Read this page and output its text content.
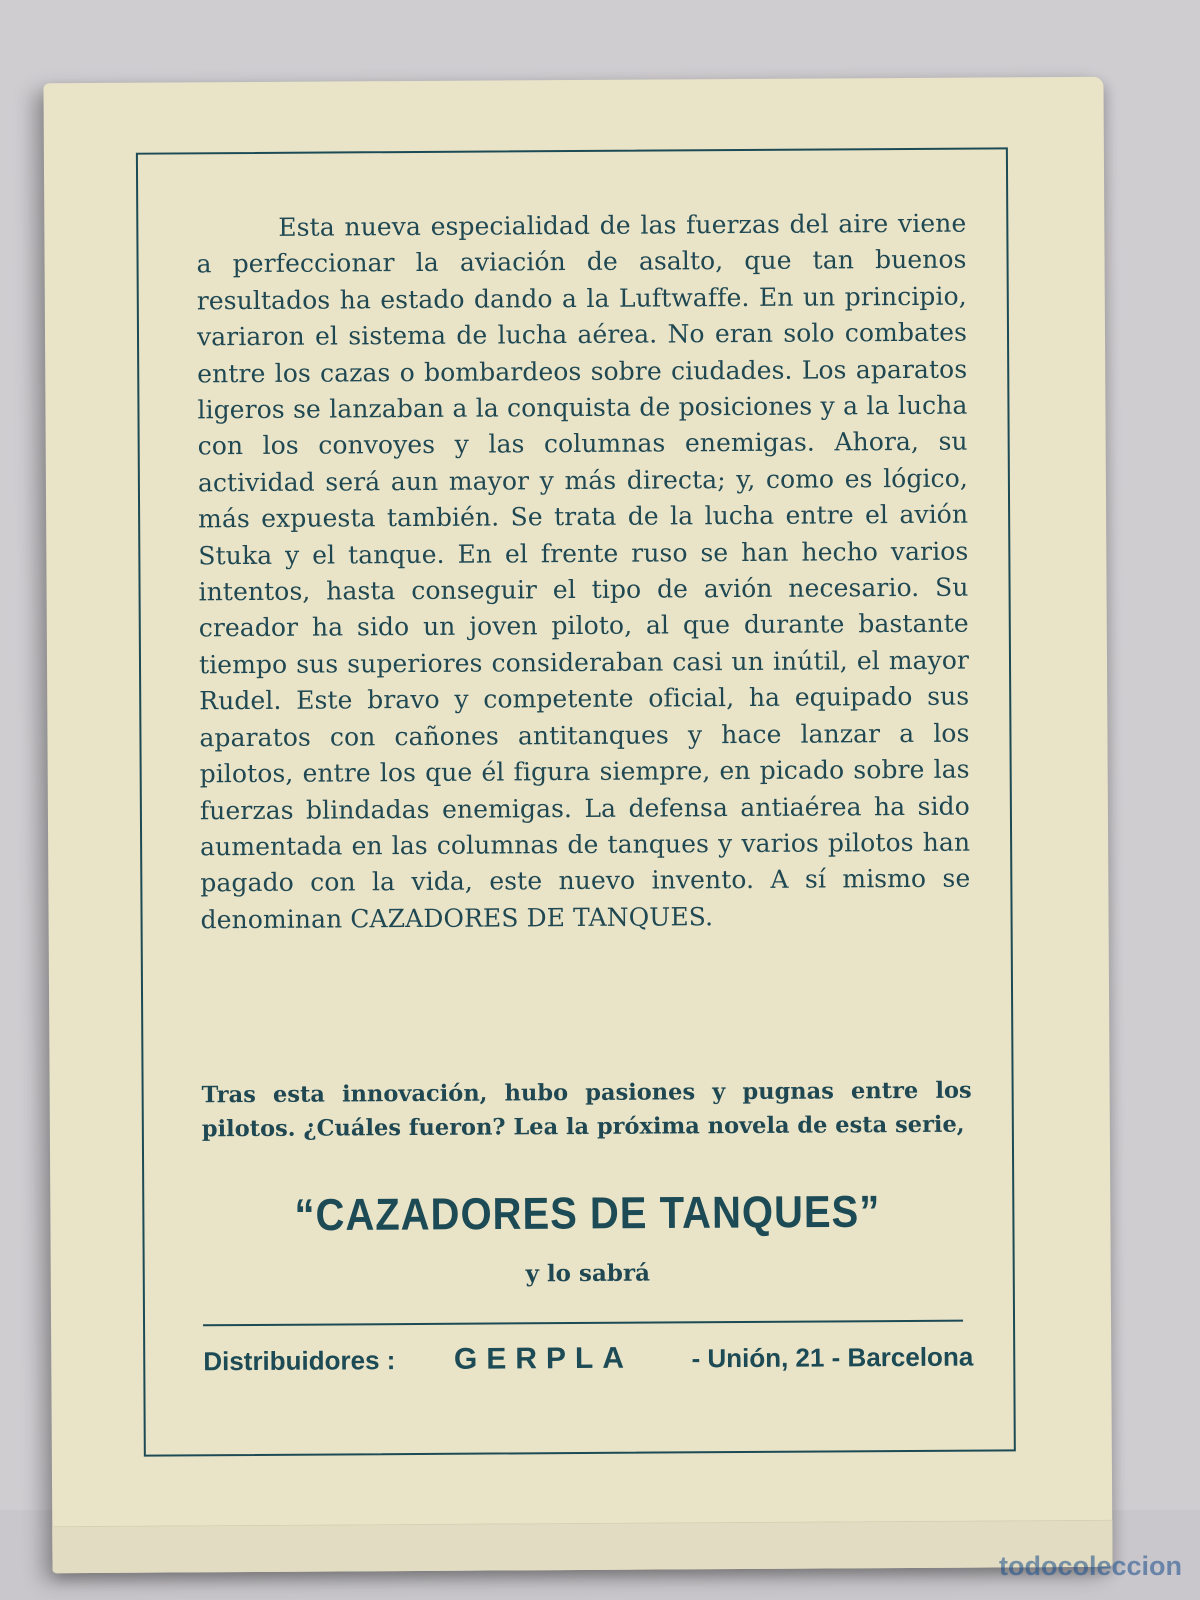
Esta nueva especialidad de las fuerzas del aire viene a perfeccionar la aviación de asalto, que tan buenos resultados ha estado dando a la Luftwaffe. En un principio, variaron el sistema de lucha aérea. No eran solo combates entre los cazas o bombardeos sobre ciudades. Los aparatos ligeros se lanzaban a la conquista de posiciones y a la lucha con los convoyes y las columnas enemigas. Ahora, su actividad será aun mayor y más directa; y, como es lógico, más expuesta también. Se trata de la lucha entre el avión Stuka y el tanque. En el frente ruso se han hecho varios intentos, hasta conseguir el tipo de avión necesario. Su creador ha sido un joven piloto, al que durante bastante tiempo sus superiores consideraban casi un inútil, el mayor Rudel. Este bravo y competente oficial, ha equipado sus aparatos con cañones antitanques y hace lanzar a los pilotos, entre los que él figura siempre, en picado sobre las fuerzas blindadas enemigas. La defensa antiaérea ha sido aumentada en las columnas de tanques y varios pilotos han pagado con la vida, este nuevo invento. A sí mismo se denominan CAZADORES DE TANQUES.

Tras esta innovación, hubo pasiones y pugnas entre los pilotos. ¿Cuáles fueron? Lea la próxima novela de esta serie,

“CAZADORES DE TANQUES”
y lo sabrá
Distribuidores : GERPLA - Unión, 21 - Barcelona
todocoleccion
